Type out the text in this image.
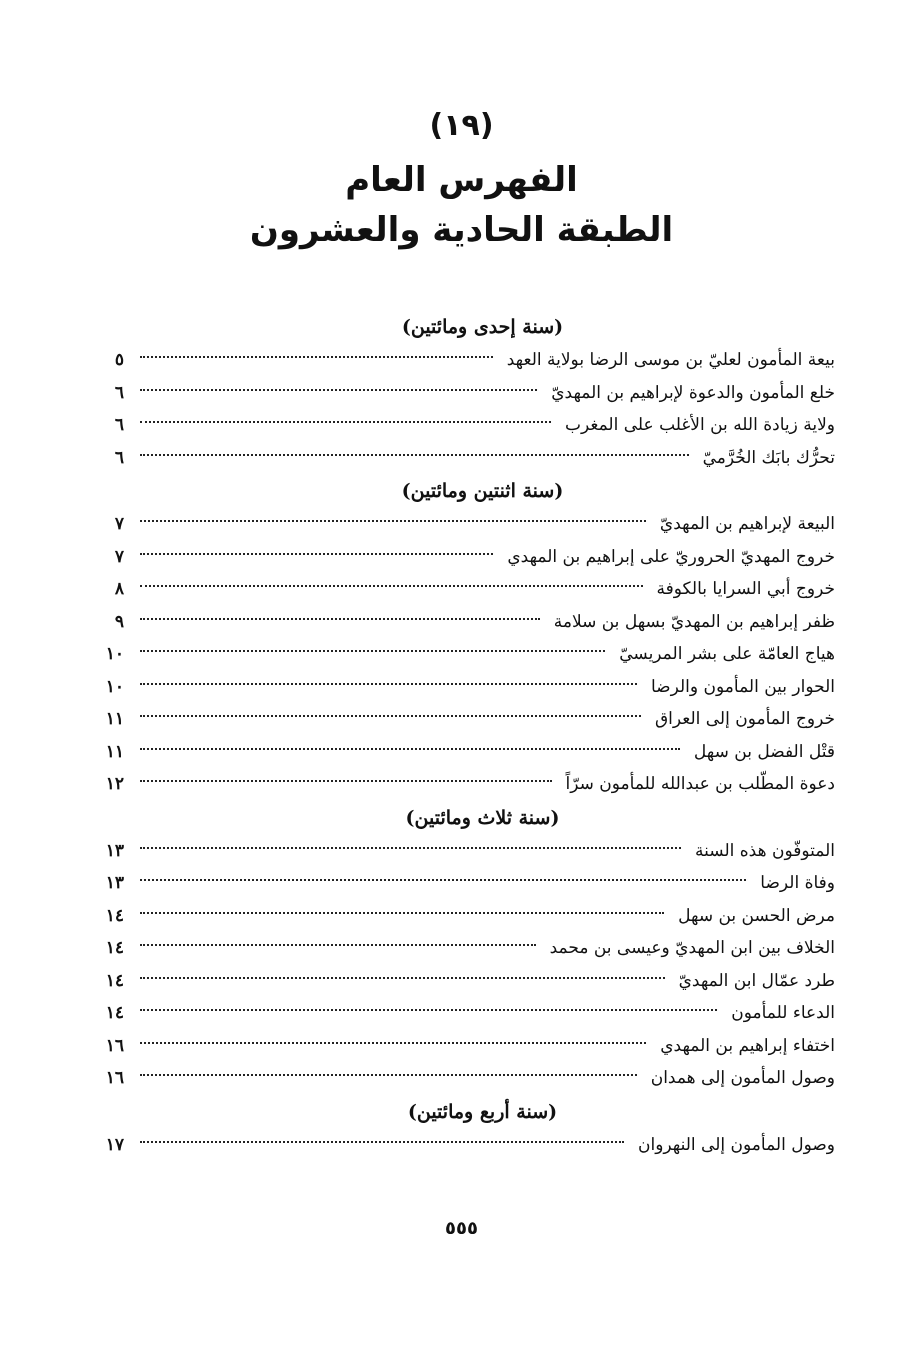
(١٩)
الفهرس العام
الطبقة الحادية والعشرون
(سنة إحدى ومائتين)
بيعة المأمون لعليّ بن موسى الرضا بولاية العهد
٥
خلع المأمون والدعوة لإبراهيم بن المهديّ
٦
ولاية زيادة الله بن الأغلب على المغرب
٦
تحرُّك بابَك الخُرَّميّ
٦
(سنة اثنتين ومائتين)
البيعة لإبراهيم بن المهديّ
٧
خروج المهديّ الحروريّ على إبراهيم بن المهدي
٧
خروج أبي السرايا بالكوفة
٨
ظفر إبراهيم بن المهديّ بسهل بن سلامة
٩
هياج العامّة على بشر المريسيّ
١٠
الحوار بين المأمون والرضا
١٠
خروج المأمون إلى العراق
١١
قتْل الفضل بن سهل
١١
دعوة المطّلب بن عبدالله للمأمون سرّاً
١٢
(سنة ثلاث ومائتين)
المتوفّون هذه السنة
١٣
وفاة الرضا
١٣
مرض الحسن بن سهل
١٤
الخلاف بين ابن المهديّ وعيسى بن محمد
١٤
طرد عمّال ابن المهديّ
١٤
الدعاء للمأمون
١٤
اختفاء إبراهيم بن المهدي
١٦
وصول المأمون إلى همدان
١٦
(سنة أربع ومائتين)
وصول المأمون إلى النهروان
١٧
٥٥٥
